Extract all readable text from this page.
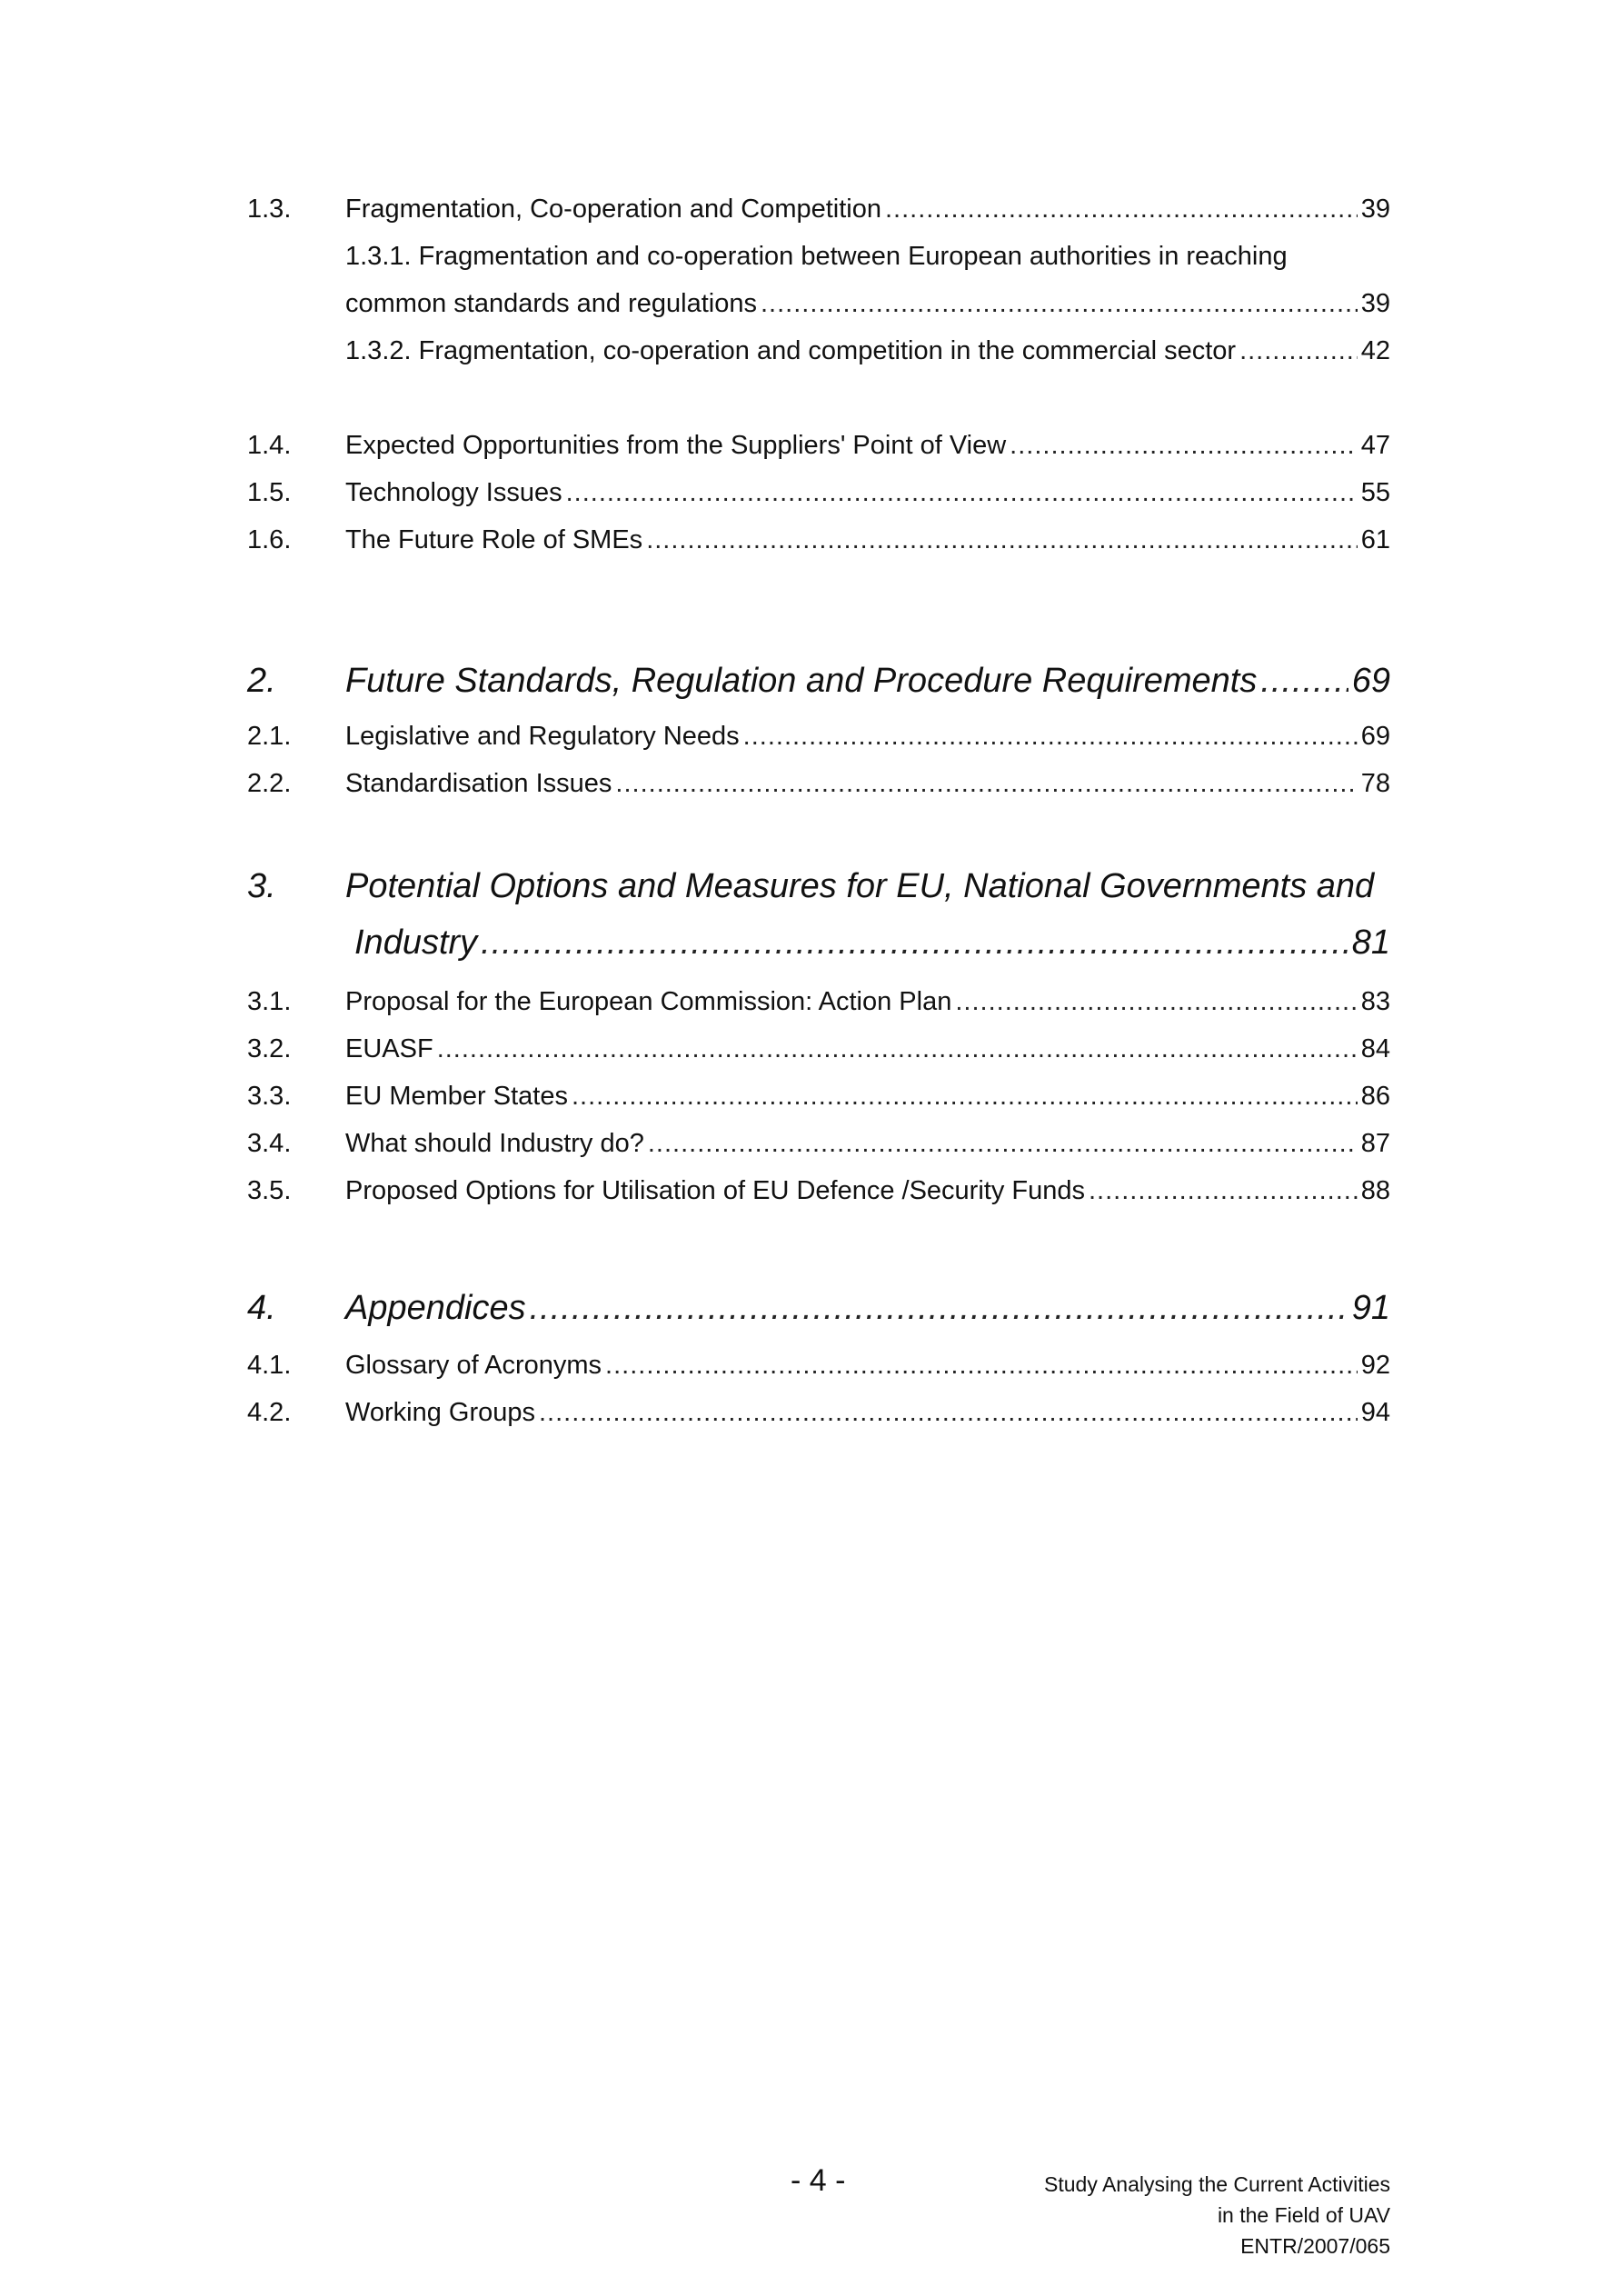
1.3.	Fragmentation, Co-operation and Competition .....	39
1.3.1. Fragmentation and co-operation between European authorities in reaching
common standards and regulations .....	39
1.3.2. Fragmentation, co-operation and competition in the commercial sector .....	42
1.4.	Expected Opportunities from the Suppliers' Point of View .....	47
1.5.	Technology Issues .....	55
1.6.	The Future Role of SMEs .....	61
2.	Future Standards, Regulation and Procedure Requirements .....	69
2.1.	Legislative and Regulatory Needs .....	69
2.2.	Standardisation Issues .....	78
3.	Potential Options and Measures for EU, National Governments and
Industry .....	81
3.1.	Proposal for the European Commission: Action Plan .....	83
3.2.	EUASF .....	84
3.3.	EU Member States .....	86
3.4.	What should Industry do? .....	87
3.5.	Proposed Options for Utilisation of EU Defence /Security Funds .....	88
4.	Appendices .....	91
4.1.	Glossary of Acronyms .....	92
4.2.	Working Groups .....	94
- 4 -	Study Analysing the Current Activities
in the Field of UAV
ENTR/2007/065
